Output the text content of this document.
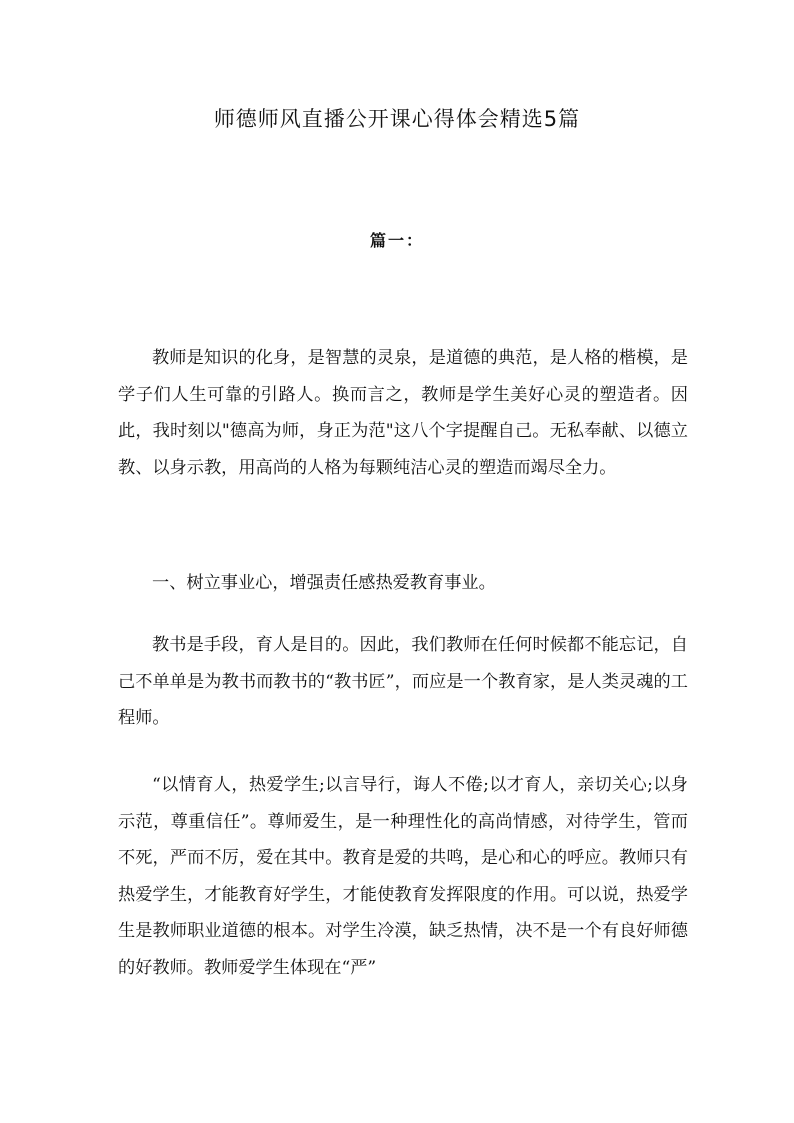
师德师风直播公开课心得体会精选5篇
篇一：

教师是知识的化身，是智慧的灵泉，是道德的典范，是人格的楷模，是学子们人生可靠的引路人。换而言之，教师是学生美好心灵的塑造者。因此，我时刻以"德高为师，身正为范"这八个字提醒自己。无私奉献、以德立教、以身示教，用高尚的人格为每颗纯洁心灵的塑造而竭尽全力。

一、树立事业心，增强责任感热爱教育事业。

教书是手段，育人是目的。因此，我们教师在任何时候都不能忘记，自己不单单是为教书而教书的“教书匠”，而应是一个教育家，是人类灵魂的工程师。

“以情育人，热爱学生;以言导行，诲人不倦;以才育人，亲切关心;以身示范，尊重信任”。尊师爱生，是一种理性化的高尚情感，对待学生，管而不死，严而不厉，爱在其中。教育是爱的共鸣，是心和心的呼应。教师只有热爱学生，才能教育好学生，才能使教育发挥限度的作用。可以说，热爱学生是教师职业道德的根本。对学生冷漠，缺乏热情，决不是一个有良好师德的好教师。教师爱学生体现在“严”
